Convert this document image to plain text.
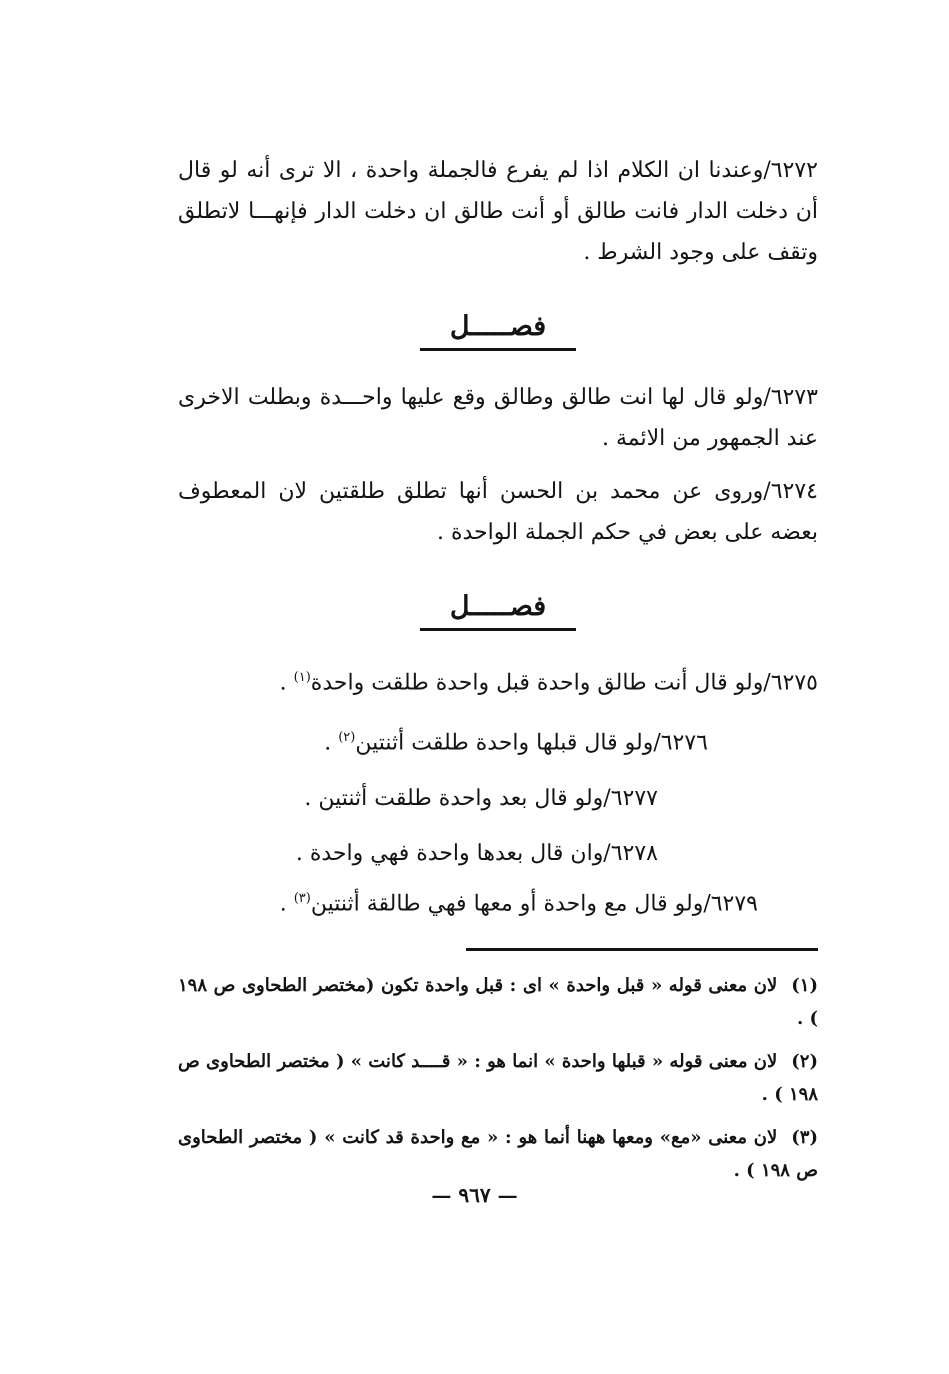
٦٢٧٢/وعندنا ان الكلام اذا لم يفرع فالجملة واحدة ، الا ترى أنه لو قال أن دخلت الدار فانت طالق أو أنت طالق ان دخلت الدار فإنهـــا لاتطلق وتقف على وجود الشرط .

فصـــــل

٦٢٧٣/ولو قال لها انت طالق وطالق وقع عليها واحـــدة وبطلت الاخرى عند الجمهور من الائمة .

٦٢٧٤/وروى عن محمد بن الحسن أنها تطلق طلقتين لان المعطوف بعضه على بعض في حكم الجملة الواحدة .

فصـــــل

٦٢٧٥/ولو قال أنت طالق واحدة قبل واحدة طلقت واحدة$^{(١)}$ .

٦٢٧٦/ولو قال قبلها واحدة طلقت أثنتين$^{(٢)}$ .

٦٢٧٧/ولو قال بعد واحدة طلقت أثنتين .

٦٢٧٨/وان قال بعدها واحدة فهي واحدة .

٦٢٧٩/ولو قال مع واحدة أو معها فهي طالقة أثنتين$^{(٣)}$ .

(١)لان معنى قوله « قبل واحدة » اى : قبل واحدة تكون (مختصر الطحاوى ص ١٩٨ ) .

(٢)لان معنى قوله « قبلها واحدة » انما هو : « قــــد كانت » ( مختصر الطحاوى ص ١٩٨ ) .

(٣)لان معنى «مع» ومعها ههنا أنما هو : « مع واحدة قد كانت » ( مختصر الطحاوى ص ١٩٨ ) .

— ٩٦٧ —
